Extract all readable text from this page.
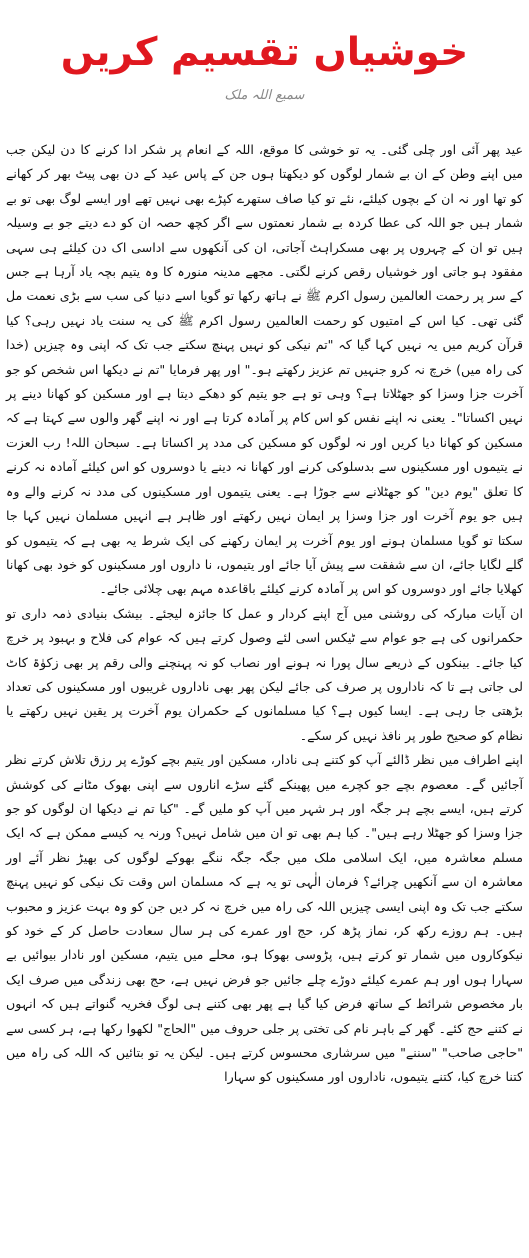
خوشیاں تقسیم کریں
سمیع اللہ ملک

عید پھر آئی اور چلی گئی۔ یہ تو خوشی کا موقع، اللہ کے انعام پر شکر ادا کرنے کا دن لیکن جب میں اپنے وطن کے ان بے شمار لوگوں کو دیکھتا ہوں جن کے پاس عید کے دن بھی پیٹ بھر کر کھانے کو تھا اور نہ ان کے بچوں کیلئے، نئے تو کیا صاف ستھرے کپڑے بھی نہیں تھے اور ایسے لوگ بھی تو بے شمار ہیں جو اللہ کی عطا کردہ بے شمار نعمتوں سے اگر کچھ حصہ ان کو دے دیتے جو بے وسیلہ ہیں تو ان کے چہروں پر بھی مسکراہٹ آجاتی، ان کی آنکھوں سے اداسی اک دن کیلئے ہی سہی مفقود ہو جاتی اور خوشیاں رقص کرنے لگتی۔ مجھے مدینہ منورہ کا وہ یتیم بچہ یاد آرہا ہے جس کے سر پر رحمت العالمین رسول اکرم ﷺ نے ہاتھ رکھا تو گویا اسے دنیا کی سب سے بڑی نعمت مل گئی تھی۔ کیا اس کے امتیوں کو رحمت العالمین رسول اکرم ﷺ کی یہ سنت یاد نہیں رہی؟ کیا قرآن کریم میں یہ نہیں کہا گیا کہ "تم نیکی کو نہیں پہنچ سکتے جب تک کہ اپنی وہ چیزیں (خدا کی راہ میں) خرچ نہ کرو جنہیں تم عزیز رکھتے ہو۔" اور پھر فرمایا "تم نے دیکھا اس شخص کو جو آخرت جزا وسزا کو جھٹلاتا ہے؟ وہی تو ہے جو یتیم کو دھکے دیتا ہے اور مسکین کو کھانا دینے پر نہیں اکساتا"۔ یعنی نہ اپنے نفس کو اس کام پر آمادہ کرتا ہے اور نہ اپنے گھر والوں سے کہتا ہے کہ مسکین کو کھانا دیا کریں اور نہ لوگوں کو مسکین کی مدد پر اکساتا ہے۔ سبحان اللہ! رب العزت نے یتیموں اور مسکینوں سے بدسلوکی کرنے اور کھانا نہ دینے یا دوسروں کو اس کیلئے آمادہ نہ کرنے کا تعلق "یوم دین" کو جھٹلانے سے جوڑا ہے۔ یعنی یتیموں اور مسکینوں کی مدد نہ کرنے والے وہ ہیں جو یوم آخرت اور جزا وسزا پر ایمان نہیں رکھتے اور ظاہر ہے انہیں مسلمان نہیں کہا جا سکتا تو گویا مسلمان ہونے اور یوم آخرت پر ایمان رکھنے کی ایک شرط یہ بھی ہے کہ یتیموں کو گلے لگایا جائے، ان سے شفقت سے پیش آیا جائے اور یتیموں، نا داروں اور مسکینوں کو خود بھی کھانا کھلایا جائے اور دوسروں کو اس پر آمادہ کرنے کیلئے باقاعدہ مہم بھی چلائی جائے۔

ان آیات مبارکہ کی روشنی میں آج اپنے کردار و عمل کا جائزہ لیجئے۔ بیشک بنیادی ذمہ داری تو حکمرانوں کی ہے جو عوام سے ٹیکس اسی لئے وصول کرتے ہیں کہ عوام کی فلاح و بہبود پر خرچ کیا جائے۔ بینکوں کے ذریعے سال پورا نہ ہونے اور نصاب کو نہ پہنچنے والی رقم پر بھی زکوٰۃ کاٹ لی جاتی ہے تا کہ ناداروں پر صرف کی جائے لیکن پھر بھی ناداروں غریبوں اور مسکینوں کی تعداد بڑھتی جا رہی ہے۔ ایسا کیوں ہے؟ کیا مسلمانوں کے حکمران یوم آخرت پر یقین نہیں رکھتے یا نظام کو صحیح طور پر نافذ نہیں کر سکے۔

اپنے اطراف میں نظر ڈالئے آپ کو کتنے ہی نادار، مسکین اور یتیم بچے کوڑے پر رزق تلاش کرتے نظر آجائیں گے۔ معصوم بچے جو کچرے میں پھینکے گئے سڑے اناروں سے اپنی بھوک مٹانے کی کوشش کرتے ہیں، ایسے بچے ہر جگہ اور ہر شہر میں آپ کو ملیں گے۔ "کیا تم نے دیکھا ان لوگوں کو جو جزا وسزا کو جھٹلا رہے ہیں"۔ کیا ہم بھی تو ان میں شامل نہیں؟ ورنہ یہ کیسے ممکن ہے کہ ایک مسلم معاشرہ میں، ایک اسلامی ملک میں جگہ جگہ ننگے بھوکے لوگوں کی بھیڑ نظر آئے اور معاشرہ ان سے آنکھیں چرائے؟ فرمان الٰہی تو یہ ہے کہ مسلمان اس وقت تک نیکی کو نہیں پہنچ سکتے جب تک وہ اپنی ایسی چیزیں اللہ کی راہ میں خرچ نہ کر دیں جن کو وہ بہت عزیز و محبوب ہیں۔ ہم روزے رکھ کر، نماز پڑھ کر، حج اور عمرے کی ہر سال سعادت حاصل کر کے خود کو نیکوکاروں میں شمار تو کرتے ہیں، پڑوسی بھوکا ہو، محلے میں یتیم، مسکین اور نادار بیوائیں بے سہارا ہوں اور ہم عمرے کیلئے دوڑے چلے جائیں جو فرض نہیں ہے، حج بھی زندگی میں صرف ایک بار مخصوص شرائط کے ساتھ فرض کیا گیا ہے پھر بھی کتنے ہی لوگ فخریہ گنواتے ہیں کہ انہوں نے کتنے حج کئے۔ گھر کے باہر نام کی تختی پر جلی حروف میں "الحاج" لکھوا رکھا ہے، ہر کسی سے "حاجی صاحب" "سننے" میں سرشاری محسوس کرتے ہیں۔ لیکن یہ تو بتائیں کہ اللہ کی راہ میں کتنا خرچ کیا، کتنے یتیموں، ناداروں اور مسکینوں کو سہارا
